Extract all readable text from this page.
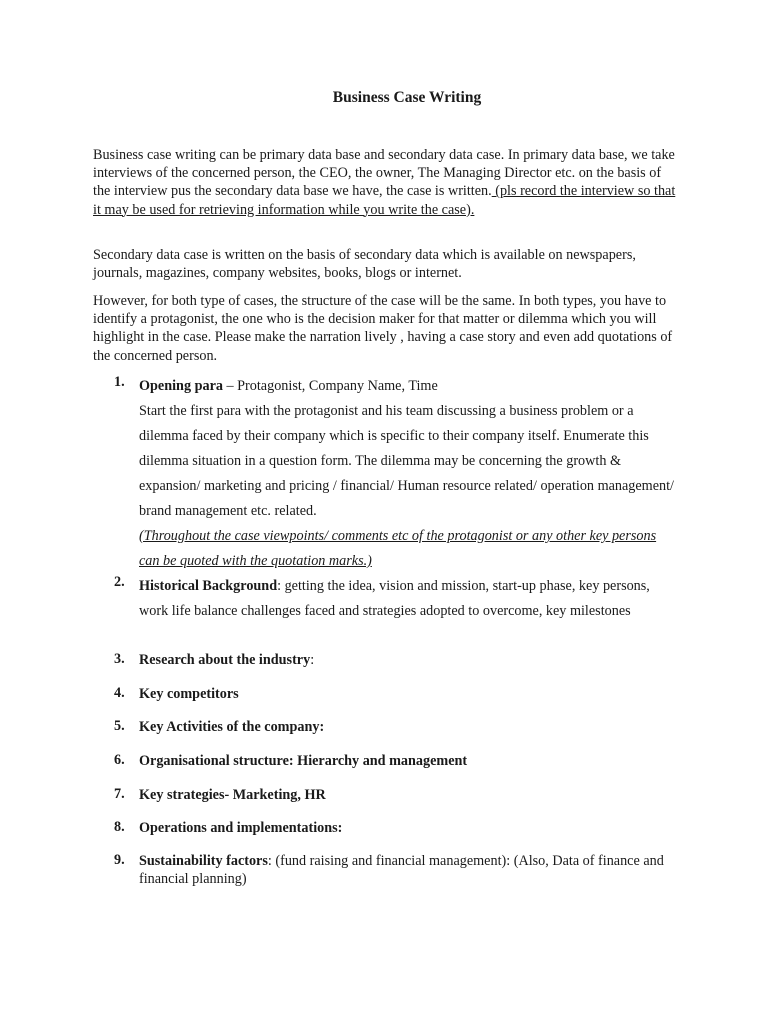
Business Case Writing

Business case writing can be primary data base and secondary data case. In primary data base, we take interviews of the concerned person, the CEO, the owner, The Managing Director etc. on the basis of the interview pus the secondary data base we have, the case is written. (pls record the interview so that it may be used for retrieving information while you write the case).

Secondary data case is written on the basis of secondary data which is available on newspapers, journals, magazines, company websites, books, blogs or internet.

However, for both type of cases, the structure of the case will be the same. In both types, you have to identify a protagonist, the one who is the decision maker for that matter or dilemma which you will highlight in the case. Please make the narration lively , having a case story and even add quotations of the concerned person.

1.	Opening para – Protagonist, Company Name, Time
Start the first para with the protagonist and his team discussing a business problem or a dilemma faced by their company which is specific to their company itself. Enumerate this dilemma situation in a question form. The dilemma may be concerning the growth & expansion/ marketing and pricing / financial/ Human resource related/ operation management/ brand management etc. related.
(Throughout the case viewpoints/ comments etc of the protagonist or any other key persons can be quoted with the quotation marks.)
2.	Historical Background: getting the idea, vision and mission, start-up phase, key persons, work life balance challenges faced and strategies adopted to overcome, key milestones
3.	Research about the industry:
4.	Key competitors
5.	Key Activities of the company:
6.	Organisational structure: Hierarchy and management
7.	Key strategies- Marketing, HR
8.	Operations and implementations:
9.	Sustainability factors: (fund raising and financial management): (Also, Data of finance and financial planning)
